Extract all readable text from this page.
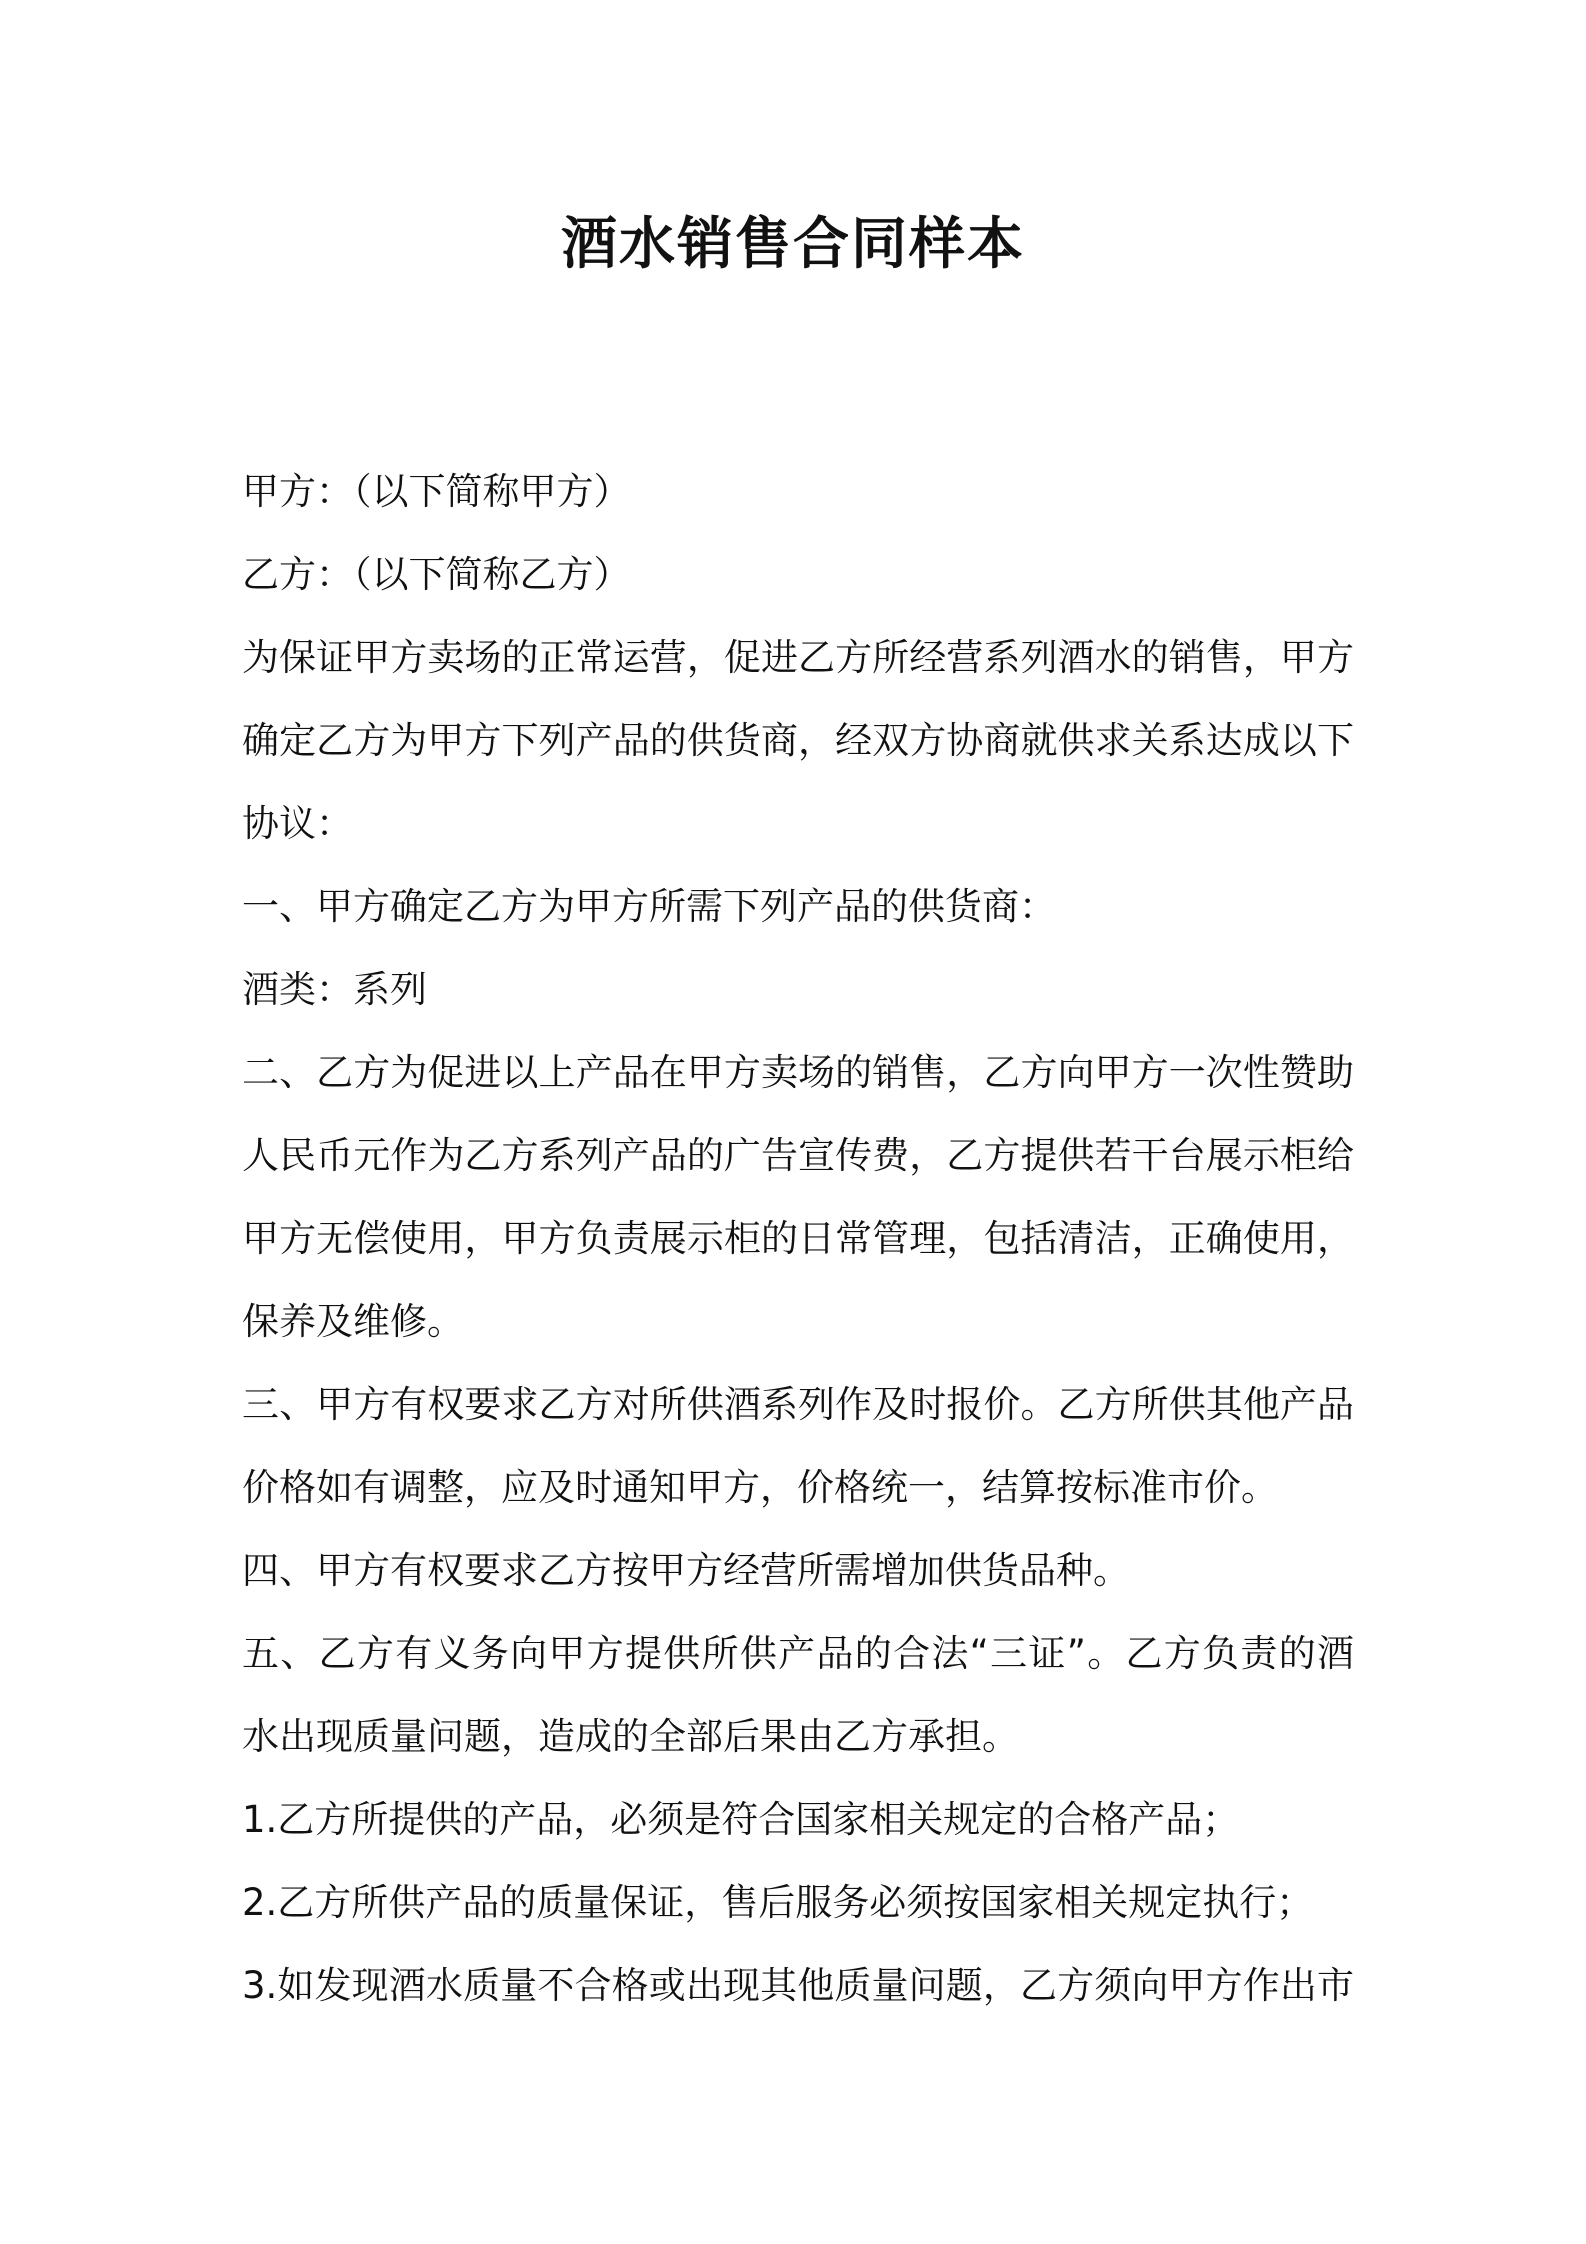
酒水销售合同样本

甲方：（以下简称甲方）

乙方：（以下简称乙方）

为保证甲方卖场的正常运营，促进乙方所经营系列酒水的销售，甲方

确定乙方为甲方下列产品的供货商，经双方协商就供求关系达成以下

协议：

一、甲方确定乙方为甲方所需下列产品的供货商：

酒类：系列

二、乙方为促进以上产品在甲方卖场的销售，乙方向甲方一次性赞助

人民币元作为乙方系列产品的广告宣传费，乙方提供若干台展示柜给

甲方无偿使用，甲方负责展示柜的日常管理，包括清洁，正确使用，

保养及维修。

三、甲方有权要求乙方对所供酒系列作及时报价。乙方所供其他产品

价格如有调整，应及时通知甲方，价格统一，结算按标准市价。

四、甲方有权要求乙方按甲方经营所需增加供货品种。

五、乙方有义务向甲方提供所供产品的合法“三证”。乙方负责的酒

水出现质量问题，造成的全部后果由乙方承担。

1.乙方所提供的产品，必须是符合国家相关规定的合格产品；

2.乙方所供产品的质量保证，售后服务必须按国家相关规定执行；

3.如发现酒水质量不合格或出现其他质量问题，乙方须向甲方作出市
